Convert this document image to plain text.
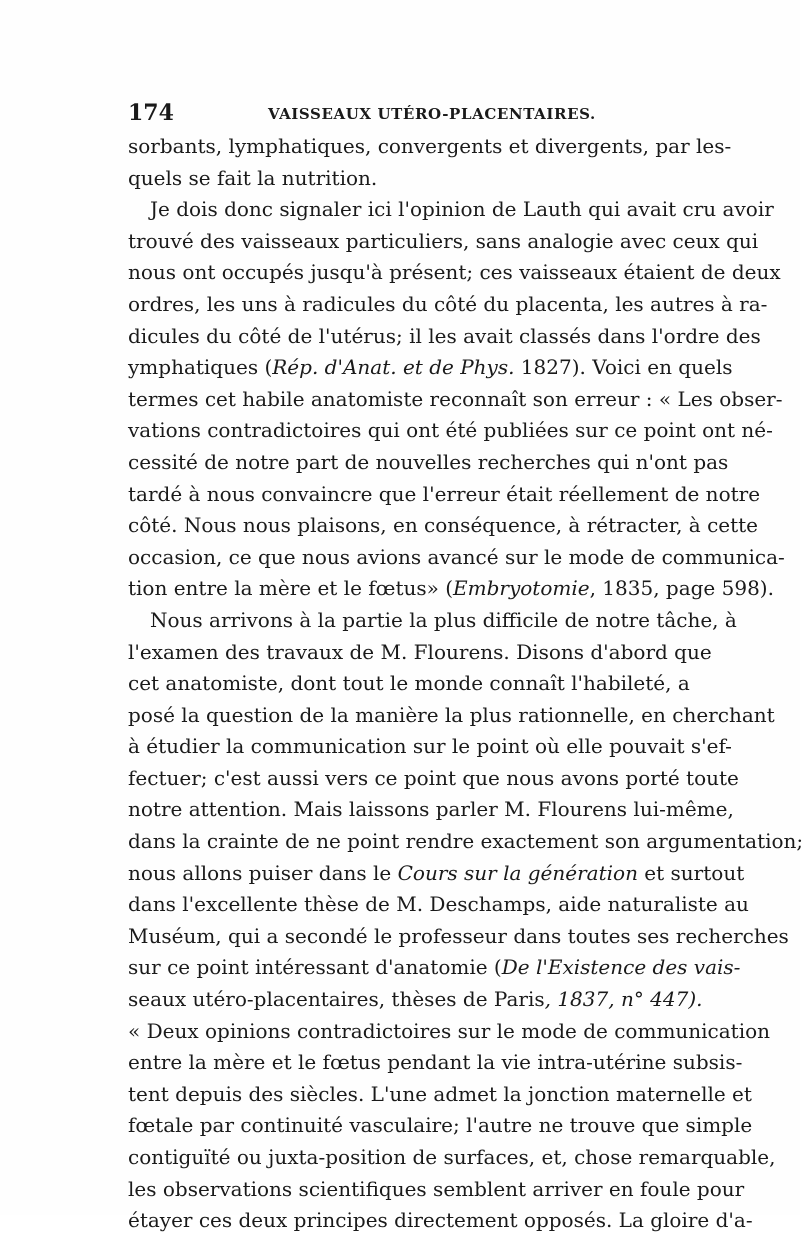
174	VAISSEAUX UTÉRO-PLACENTAIRES.
sorbants, lymphatiques, convergents et divergents, par les-
quels se fait la nutrition.
Je dois donc signaler ici l'opinion de Lauth qui avait cru avoir
trouvé des vaisseaux particuliers, sans analogie avec ceux qui
nous ont occupés jusqu'à présent; ces vaisseaux étaient de deux
ordres, les uns à radicules du côté du placenta, les autres à ra-
dicules du côté de l'utérus; il les avait classés dans l'ordre des
ymphatiques (Rép. d'Anat. et de Phys. 1827). Voici en quels
termes cet habile anatomiste reconnaît son erreur : « Les obser-
vations contradictoires qui ont été publiées sur ce point ont né-
cessité de notre part de nouvelles recherches qui n'ont pas
tardé à nous convaincre que l'erreur était réellement de notre
côté. Nous nous plaisons, en conséquence, à rétracter, à cette
occasion, ce que nous avions avancé sur le mode de communica-
tion entre la mère et le fœtus» (Embryotomie, 1835, page 598).
Nous arrivons à la partie la plus difficile de notre tâche, à
l'examen des travaux de M. Flourens. Disons d'abord que
cet anatomiste, dont tout le monde connaît l'habileté, a
posé la question de la manière la plus rationnelle, en cherchant
à étudier la communication sur le point où elle pouvait s'ef-
fectuer; c'est aussi vers ce point que nous avons porté toute
notre attention. Mais laissons parler M. Flourens lui-même,
dans la crainte de ne point rendre exactement son argumentation;
nous allons puiser dans le Cours sur la génération et surtout
dans l'excellente thèse de M. Deschamps, aide naturaliste au
Muséum, qui a secondé le professeur dans toutes ses recherches
sur ce point intéressant d'anatomie (De l'Existence des vais-
seaux utéro-placentaires, thèses de Paris, 1837, n° 447).
« Deux opinions contradictoires sur le mode de communication
entre la mère et le fœtus pendant la vie intra-utérine subsis-
tent depuis des siècles. L'une admet la jonction maternelle et
fœtale par continuité vasculaire; l'autre ne trouve que simple
contiguïté ou juxta-position de surfaces, et, chose remarquable,
les observations scientifiques semblent arriver en foule pour
étayer ces deux principes directement opposés. La gloire d'a-
